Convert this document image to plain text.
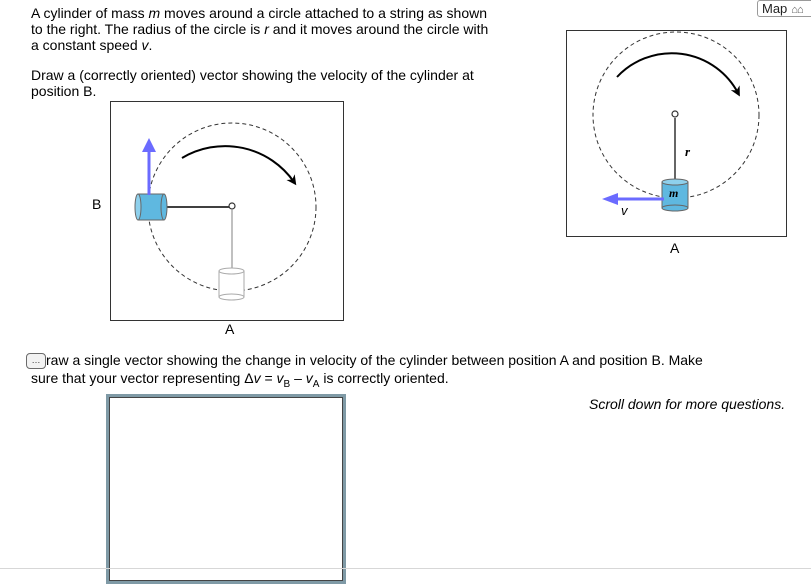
Map ⌂⌂
A cylinder of mass m moves around a circle attached to a string as shown
to the right. The radius of the circle is r and it moves around the circle with
a constant speed v.
Draw a (correctly oriented) vector showing the velocity of the cylinder at
position B.
B
A
r
m
v
A
… raw a single vector showing the change in velocity of the cylinder between position A and position B. Make
sure that your vector representing $\Delta v = v_B - v_A$ is correctly oriented.
Scroll down for more questions.
